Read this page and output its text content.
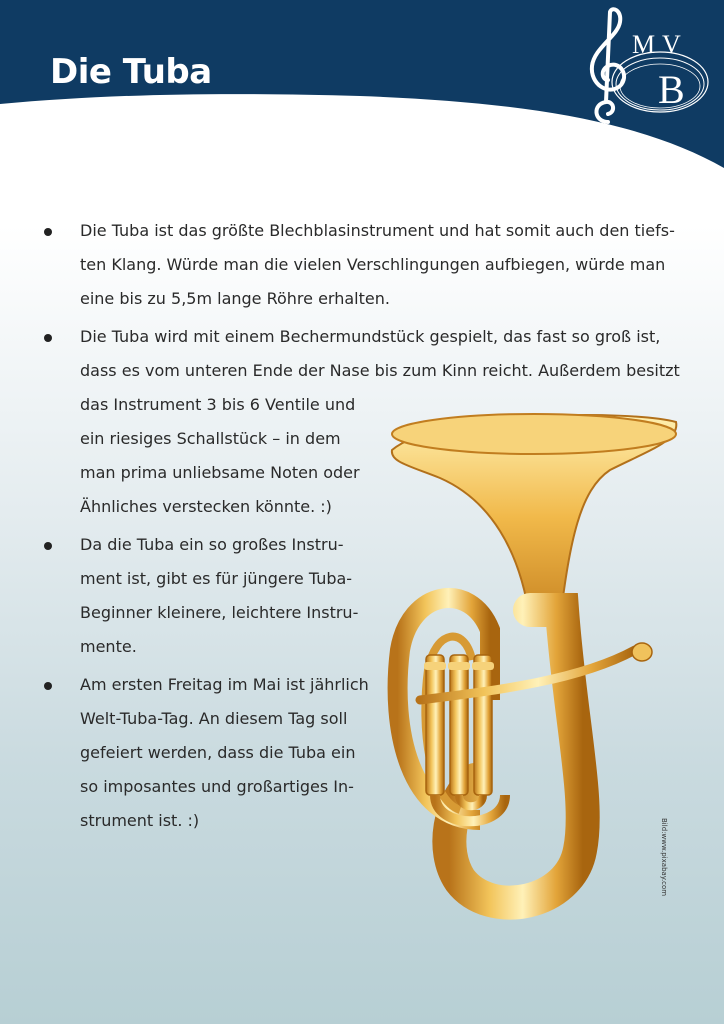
Die Tuba
M V
B

Die Tuba ist das größte Blechblasinstrument und hat somit auch den tiefs-
ten Klang. Würde man die vielen Verschlingungen aufbiegen, würde man
eine bis zu 5,5m lange Röhre erhalten.

Die Tuba wird mit einem Bechermundstück gespielt, das fast so groß ist,
dass es vom unteren Ende der Nase bis zum Kinn reicht. Außerdem besitzt
das Instrument 3 bis 6 Ventile und
ein riesiges Schallstück – in dem
man prima unliebsame Noten oder
Ähnliches verstecken könnte. :)

Da die Tuba ein so großes Instru-
ment ist, gibt es für jüngere Tuba-
Beginner kleinere, leichtere Instru-
mente.

Am ersten Freitag im Mai ist jährlich
Welt-Tuba-Tag. An diesem Tag soll
gefeiert werden, dass die Tuba ein
so imposantes und großartiges In-
strument ist. :)	Bild:www.pixabay.com
